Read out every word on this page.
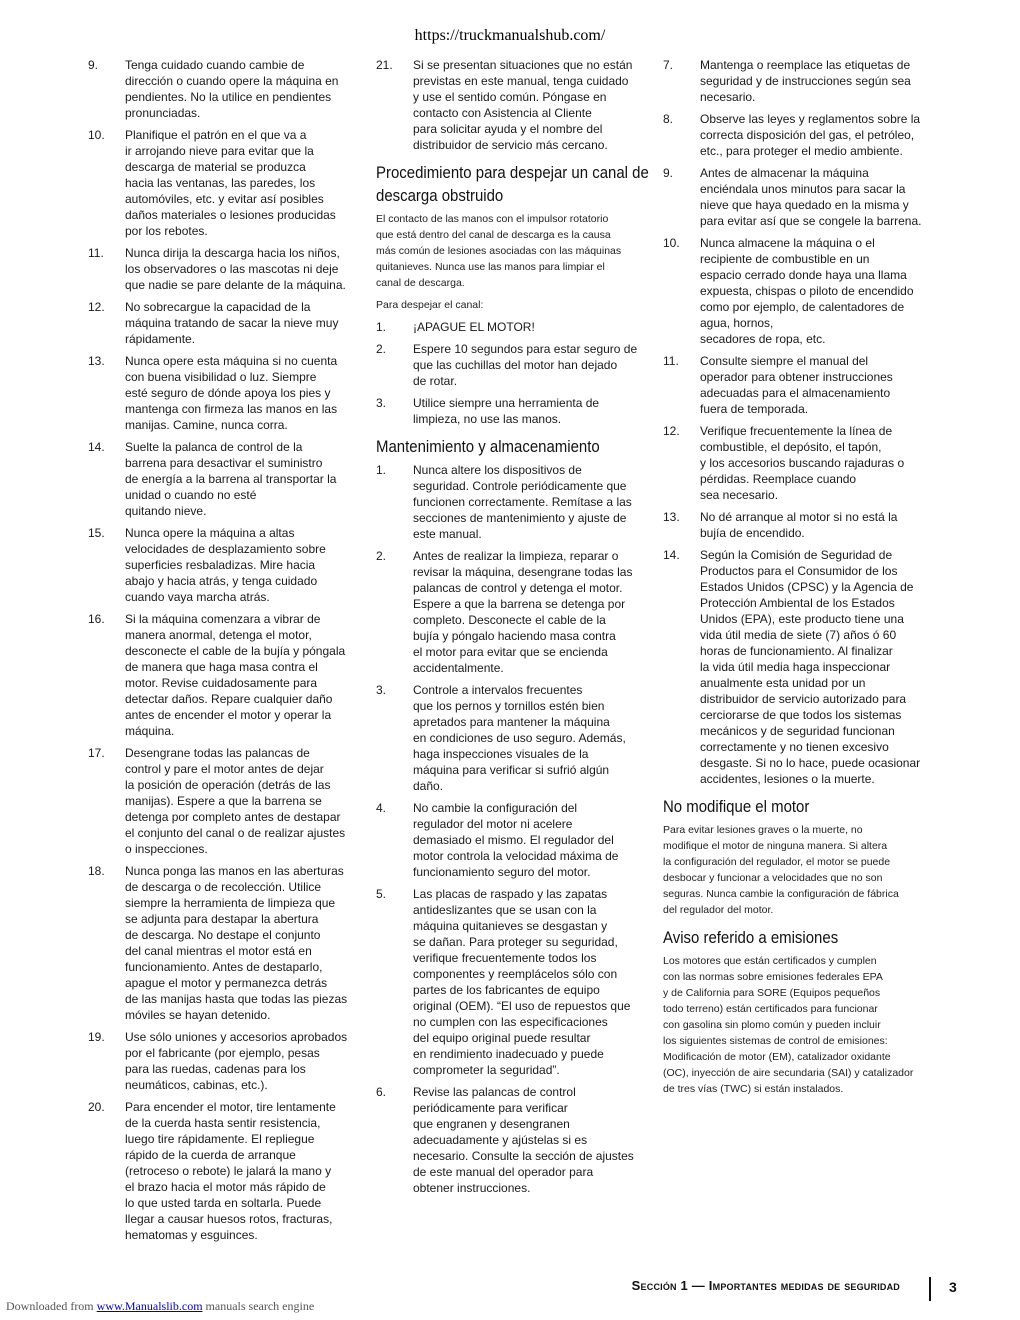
https://truckmanualshub.com/
9.	Tenga cuidado cuando cambie de
dirección o cuando opere la máquina en
pendientes. No la utilice en pendientes
pronunciadas.
10.	Planifique el patrón en el que va a
ir arrojando nieve para evitar que la
descarga de material se produzca
hacia las ventanas, las paredes, los
automóviles, etc. y evitar así posibles
daños materiales o lesiones producidas
por los rebotes.
11.	Nunca dirija la descarga hacia los niños,
los observadores o las mascotas ni deje
que nadie se pare delante de la máquina.
12.	No sobrecargue la capacidad de la
máquina tratando de sacar la nieve muy
rápidamente.
13.	Nunca opere esta máquina si no cuenta
con buena visibilidad o luz. Siempre
esté seguro de dónde apoya los pies y
mantenga con firmeza las manos en las
manijas. Camine, nunca corra.
14.	Suelte la palanca de control de la
barrena para desactivar el suministro
de energía a la barrena al transportar la
unidad o cuando no esté
quitando nieve.
15.	Nunca opere la máquina a altas
velocidades de desplazamiento sobre
superficies resbaladizas. Mire hacia
abajo y hacia atrás, y tenga cuidado
cuando vaya marcha atrás.
16.	Si la máquina comenzara a vibrar de
manera anormal, detenga el motor,
desconecte el cable de la bujía y póngala
de manera que haga masa contra el
motor. Revise cuidadosamente para
detectar daños. Repare cualquier daño
antes de encender el motor y operar la
máquina.
17.	Desengrane todas las palancas de
control y pare el motor antes de dejar
la posición de operación (detrás de las
manijas). Espere a que la barrena se
detenga por completo antes de destapar
el conjunto del canal o de realizar ajustes
o inspecciones.
18.	Nunca ponga las manos en las aberturas
de descarga o de recolección. Utilice
siempre la herramienta de limpieza que
se adjunta para destapar la abertura
de descarga. No destape el conjunto
del canal mientras el motor está en
funcionamiento. Antes de destaparlo,
apague el motor y permanezca detrás
de las manijas hasta que todas las piezas
móviles se hayan detenido.
19.	Use sólo uniones y accesorios aprobados
por el fabricante (por ejemplo, pesas
para las ruedas, cadenas para los
neumáticos, cabinas, etc.).
20.	Para encender el motor, tire lentamente
de la cuerda hasta sentir resistencia,
luego tire rápidamente. El repliegue
rápido de la cuerda de arranque
(retroceso o rebote) le jalará la mano y
el brazo hacia el motor más rápido de
lo que usted tarda en soltarla. Puede
llegar a causar huesos rotos, fracturas,
hematomas y esguinces.
21.	Si se presentan situaciones que no están
previstas en este manual, tenga cuidado
y use el sentido común. Póngase en
contacto con Asistencia al Cliente
para solicitar ayuda y el nombre del
distribuidor de servicio más cercano.
Procedimiento para despejar un canal de descarga obstruido

El contacto de las manos con el impulsor rotatorio
que está dentro del canal de descarga es la causa
más común de lesiones asociadas con las máquinas
quitanieves. Nunca use las manos para limpiar el
canal de descarga.

Para despejar el canal:

1.	¡APAGUE EL MOTOR!
2.	Espere 10 segundos para estar seguro de
que las cuchillas del motor han dejado
de rotar.
3.	Utilice siempre una herramienta de
limpieza, no use las manos.
Mantenimiento y almacenamiento
1.	Nunca altere los dispositivos de
seguridad. Controle periódicamente que
funcionen correctamente. Remítase a las
secciones de mantenimiento y ajuste de
este manual.
2.	Antes de realizar la limpieza, reparar o
revisar la máquina, desengrane todas las
palancas de control y detenga el motor.
Espere a que la barrena se detenga por
completo. Desconecte el cable de la
bujía y póngalo haciendo masa contra
el motor para evitar que se encienda
accidentalmente.
3.	Controle a intervalos frecuentes
que los pernos y tornillos estén bien
apretados para mantener la máquina
en condiciones de uso seguro. Además,
haga inspecciones visuales de la
máquina para verificar si sufrió algún
daño.
4.	No cambie la configuración del
regulador del motor ni acelere
demasiado el mismo. El regulador del
motor controla la velocidad máxima de
funcionamiento seguro del motor.
5.	Las placas de raspado y las zapatas
antideslizantes que se usan con la
máquina quitanieves se desgastan y
se dañan. Para proteger su seguridad,
verifique frecuentemente todos los
componentes y reemplácelos sólo con
partes de los fabricantes de equipo
original (OEM). “El uso de repuestos que
no cumplen con las especificaciones
del equipo original puede resultar
en rendimiento inadecuado y puede
comprometer la seguridad”.
6.	Revise las palancas de control
periódicamente para verificar
que engranen y desengranen
adecuadamente y ajústelas si es
necesario. Consulte la sección de ajustes
de este manual del operador para
obtener instrucciones.
7.	Mantenga o reemplace las etiquetas de
seguridad y de instrucciones según sea
necesario.
8.	Observe las leyes y reglamentos sobre la
correcta disposición del gas, el petróleo,
etc., para proteger el medio ambiente.
9.	Antes de almacenar la máquina
enciéndala unos minutos para sacar la
nieve que haya quedado en la misma y
para evitar así que se congele la barrena.
10.	Nunca almacene la máquina o el
recipiente de combustible en un
espacio cerrado donde haya una llama
expuesta, chispas o piloto de encendido
como por ejemplo, de calentadores de
agua, hornos,
secadores de ropa, etc.
11.	Consulte siempre el manual del
operador para obtener instrucciones
adecuadas para el almacenamiento
fuera de temporada.
12.	Verifique frecuentemente la línea de
combustible, el depósito, el tapón,
y los accesorios buscando rajaduras o
pérdidas. Reemplace cuando
sea necesario.
13.	No dé arranque al motor si no está la
bujía de encendido.
14.	Según la Comisión de Seguridad de
Productos para el Consumidor de los
Estados Unidos (CPSC) y la Agencia de
Protección Ambiental de los Estados
Unidos (EPA), este producto tiene una
vida útil media de siete (7) años ó 60
horas de funcionamiento. Al finalizar
la vida útil media haga inspeccionar
anualmente esta unidad por un
distribuidor de servicio autorizado para
cerciorarse de que todos los sistemas
mecánicos y de seguridad funcionan
correctamente y no tienen excesivo
desgaste. Si no lo hace, puede ocasionar
accidentes, lesiones o la muerte.
No modifique el motor

Para evitar lesiones graves o la muerte, no
modifique el motor de ninguna manera. Si altera
la configuración del regulador, el motor se puede
desbocar y funcionar a velocidades que no son
seguras. Nunca cambie la configuración de fábrica
del regulador del motor.

Aviso referido a emisiones

Los motores que están certificados y cumplen
con las normas sobre emisiones federales EPA
y de California para SORE (Equipos pequeños
todo terreno) están certificados para funcionar
con gasolina sin plomo común y pueden incluir
los siguientes sistemas de control de emisiones:
Modificación de motor (EM), catalizador oxidante
(OC), inyección de aire secundaria (SAI) y catalizador
de tres vías (TWC) si están instalados.

Sección 1 — Importantes medidas de seguridad	3
Downloaded from www.Manualslib.com manuals search engine
